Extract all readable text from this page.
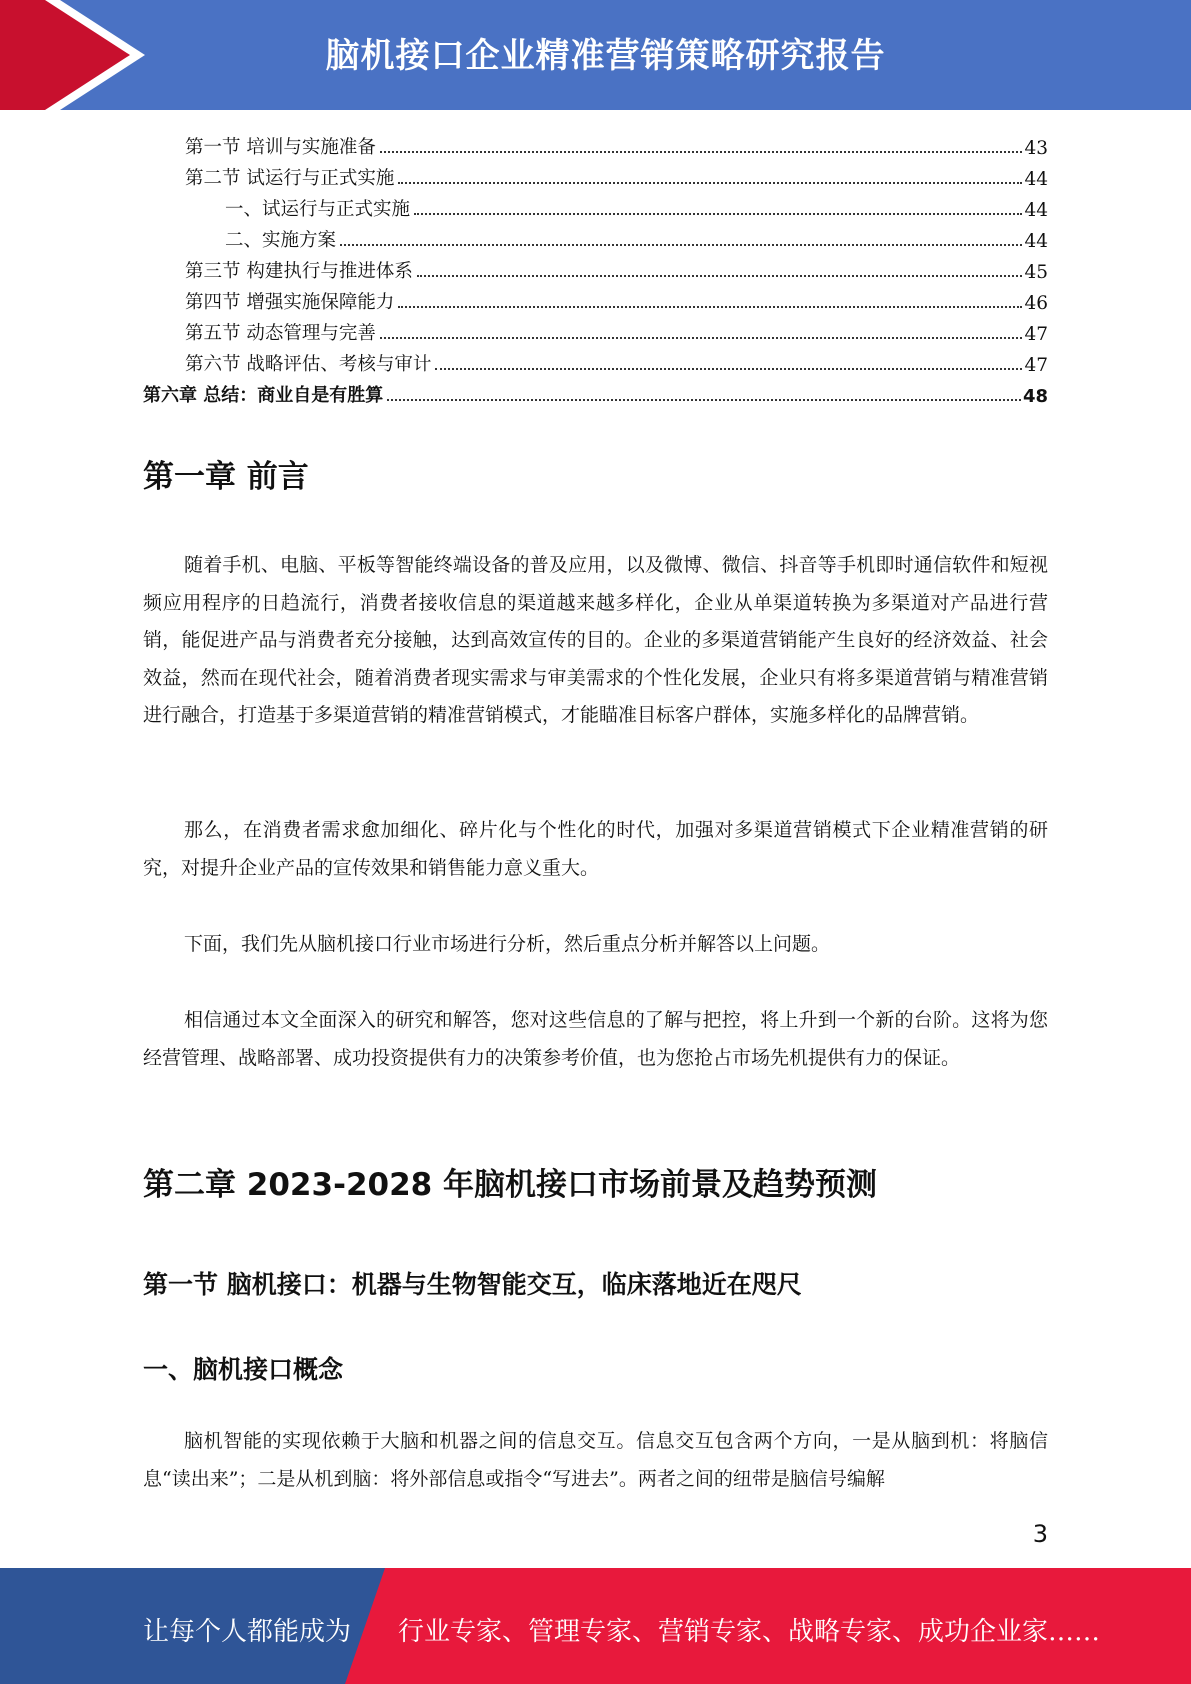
脑机接口企业精准营销策略研究报告
第一节 培训与实施准备	43
第二节 试运行与正式实施	44
一、试运行与正式实施	44
二、实施方案	44
第三节 构建执行与推进体系	45
第四节 增强实施保障能力	46
第五节 动态管理与完善	47
第六节 战略评估、考核与审计	47
第六章 总结：商业自是有胜算	48
第一章 前言

随着手机、电脑、平板等智能终端设备的普及应用，以及微博、微信、抖音等手机即时通信软件和短视频应用程序的日趋流行，消费者接收信息的渠道越来越多样化，企业从单渠道转换为多渠道对产品进行营销，能促进产品与消费者充分接触，达到高效宣传的目的。企业的多渠道营销能产生良好的经济效益、社会效益，然而在现代社会，随着消费者现实需求与审美需求的个性化发展，企业只有将多渠道营销与精准营销进行融合，打造基于多渠道营销的精准营销模式，才能瞄准目标客户群体，实施多样化的品牌营销。

那么，在消费者需求愈加细化、碎片化与个性化的时代，加强对多渠道营销模式下企业精准营销的研究，对提升企业产品的宣传效果和销售能力意义重大。

下面，我们先从脑机接口行业市场进行分析，然后重点分析并解答以上问题。

相信通过本文全面深入的研究和解答，您对这些信息的了解与把控，将上升到一个新的台阶。这将为您经营管理、战略部署、成功投资提供有力的决策参考价值，也为您抢占市场先机提供有力的保证。

第二章 2023-2028 年脑机接口市场前景及趋势预测
第一节 脑机接口：机器与生物智能交互，临床落地近在咫尺
一、脑机接口概念

脑机智能的实现依赖于大脑和机器之间的信息交互。信息交互包含两个方向，一是从脑到机：将脑信息“读出来”；二是从机到脑：将外部信息或指令“写进去”。两者之间的纽带是脑信号编解

3
让每个人都能成为 行业专家、管理专家、营销专家、战略专家、成功企业家……
